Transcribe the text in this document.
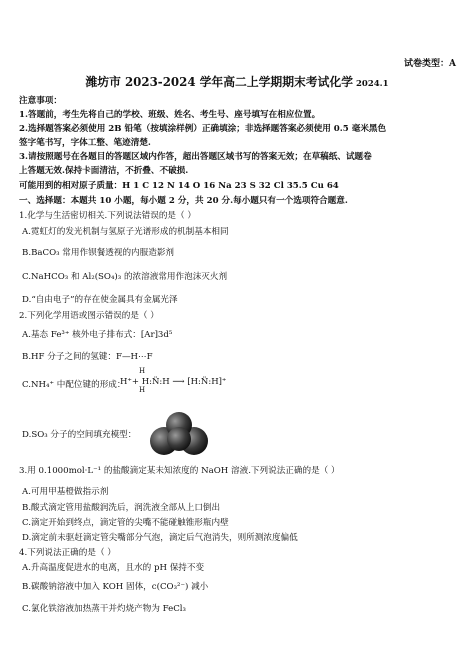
试卷类型：A
潍坊市 2023-2024 学年高二上学期期末考试化学 2024.1
注意事项：
1.答题前，考生先将自己的学校、班级、姓名、考生号、座号填写在相应位置。
2.选择题答案必须使用 2B 铅笔（按填涂样例）正确填涂；非选择题答案必须使用 0.5 毫米黑色
签字笔书写，字体工整、笔迹清楚.
3.请按照题号在各题目的答题区域内作答，超出答题区域书写的答案无效；在草稿纸、试题卷
上答题无效.保持卡面清洁，不折叠、不破损.
可能用到的相对原子质量：H 1 C 12 N 14 O 16 Na 23 S 32 Cl 35.5 Cu 64
一、选择题：本题共 10 小题，每小题 2 分，共 20 分.每小题只有一个选项符合题意.
1.化学与生活密切相关.下列说法错误的是（ ）
A.霓虹灯的发光机制与氢原子光谱形成的机制基本相同
B.BaCO₃ 常用作钡餐透视的内服造影剂
C.NaHCO₃ 和 Al₂(SO₄)₃ 的浓溶液常用作泡沫灭火剂
D.“自由电子”的存在使金属具有金属光泽
2.下列化学用语或图示错误的是（ ）
A.基态 Fe³⁺ 核外电子排布式：[Ar]3d⁵
B.HF 分子之间的氢键：F—H⋯F
C.NH₄⁺ 中配位键的形成：
H
H⁺+ H:N̈:H ⟶ [H:N̈:H]⁺
H
D.SO₃ 分子的空间填充模型：
3.用 0.1000mol·L⁻¹ 的盐酸滴定某未知浓度的 NaOH 溶液.下列说法正确的是（ ）
A.可用甲基橙做指示剂
B.酸式滴定管用盐酸润洗后，润洗液全部从上口倒出
C.滴定开始到终点，滴定管的尖嘴不能碰触锥形瓶内壁
D.滴定前未驱赶滴定管尖嘴部分气泡，滴定后气泡消失，则所测浓度偏低
4.下列说法正确的是（ ）
A.升高温度促进水的电离，且水的 pH 保持不变
B.碳酸钠溶液中加入 KOH 固体，c(CO₃²⁻) 减小
C.氯化铁溶液加热蒸干并灼烧产物为 FeCl₃
